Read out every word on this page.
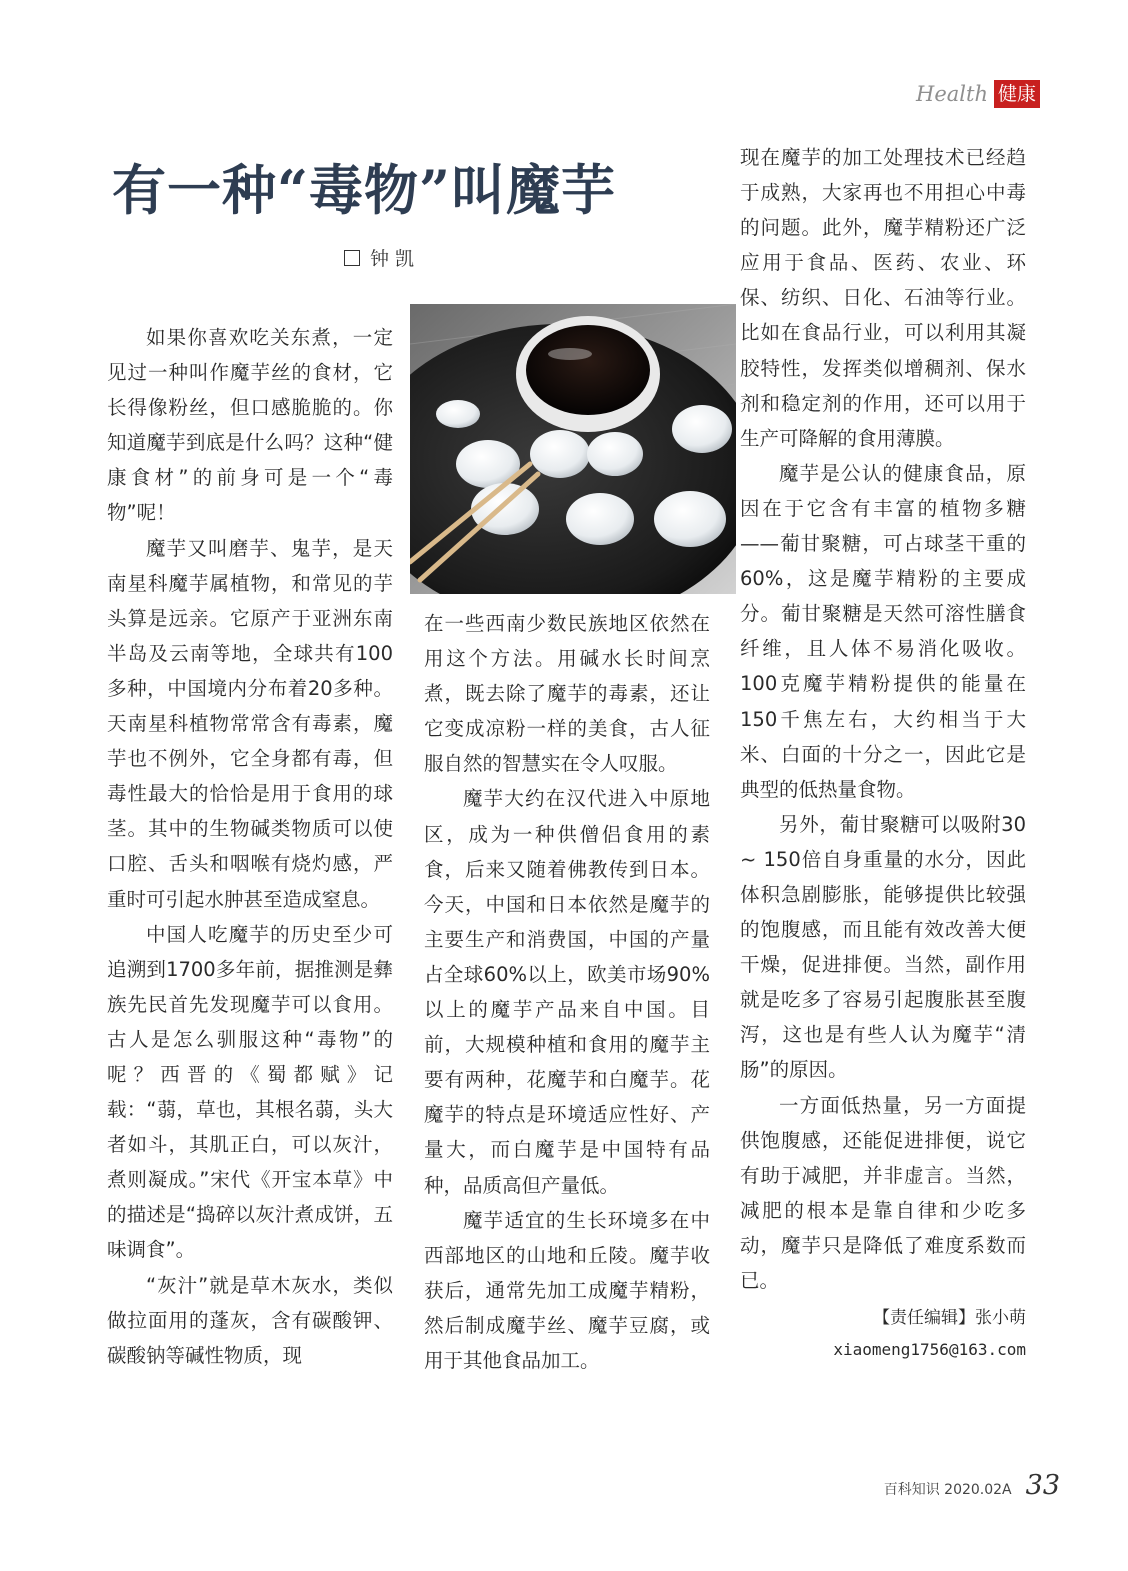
Health 健康
有一种“毒物”叫魔芋
钟 凯

如果你喜欢吃关东煮，一定见过一种叫作魔芋丝的食材，它长得像粉丝，但口感脆脆的。你知道魔芋到底是什么吗？这种“健康食材”的前身可是一个“毒物”呢！

魔芋又叫磨芋、鬼芋，是天南星科魔芋属植物，和常见的芋头算是远亲。它原产于亚洲东南半岛及云南等地，全球共有100多种，中国境内分布着20多种。天南星科植物常常含有毒素，魔芋也不例外，它全身都有毒，但毒性最大的恰恰是用于食用的球茎。其中的生物碱类物质可以使口腔、舌头和咽喉有烧灼感，严重时可引起水肿甚至造成窒息。

中国人吃魔芋的历史至少可追溯到1700多年前，据推测是彝族先民首先发现魔芋可以食用。古人是怎么驯服这种“毒物”的呢？西晋的《蜀都赋》记载：“蒻，草也，其根名蒻，头大者如斗，其肌正白，可以灰汁，煮则凝成。”宋代《开宝本草》中的描述是“捣碎以灰汁煮成饼，五味调食”。

“灰汁”就是草木灰水，类似做拉面用的蓬灰，含有碳酸钾、碳酸钠等碱性物质，现

在一些西南少数民族地区依然在用这个方法。用碱水长时间烹煮，既去除了魔芋的毒素，还让它变成凉粉一样的美食，古人征服自然的智慧实在令人叹服。

魔芋大约在汉代进入中原地区，成为一种供僧侣食用的素食，后来又随着佛教传到日本。今天，中国和日本依然是魔芋的主要生产和消费国，中国的产量占全球60%以上，欧美市场90%以上的魔芋产品来自中国。目前，大规模种植和食用的魔芋主要有两种，花魔芋和白魔芋。花魔芋的特点是环境适应性好、产量大，而白魔芋是中国特有品种，品质高但产量低。

魔芋适宜的生长环境多在中西部地区的山地和丘陵。魔芋收获后，通常先加工成魔芋精粉，然后制成魔芋丝、魔芋豆腐，或用于其他食品加工。

现在魔芋的加工处理技术已经趋于成熟，大家再也不用担心中毒的问题。此外，魔芋精粉还广泛应用于食品、医药、农业、环保、纺织、日化、石油等行业。比如在食品行业，可以利用其凝胶特性，发挥类似增稠剂、保水剂和稳定剂的作用，还可以用于生产可降解的食用薄膜。

魔芋是公认的健康食品，原因在于它含有丰富的植物多糖——葡甘聚糖，可占球茎干重的60%，这是魔芋精粉的主要成分。葡甘聚糖是天然可溶性膳食纤维，且人体不易消化吸收。100克魔芋精粉提供的能量在150千焦左右，大约相当于大米、白面的十分之一，因此它是典型的低热量食物。

另外，葡甘聚糖可以吸附30 ~ 150倍自身重量的水分，因此体积急剧膨胀，能够提供比较强的饱腹感，而且能有效改善大便干燥，促进排便。当然，副作用就是吃多了容易引起腹胀甚至腹泻，这也是有些人认为魔芋“清肠”的原因。

一方面低热量，另一方面提供饱腹感，还能促进排便，说它有助于减肥，并非虚言。当然，减肥的根本是靠自律和少吃多动，魔芋只是降低了难度系数而已。

【责任编辑】张小萌
xiaomeng1756@163.com
百科知识 2020.02A 33
